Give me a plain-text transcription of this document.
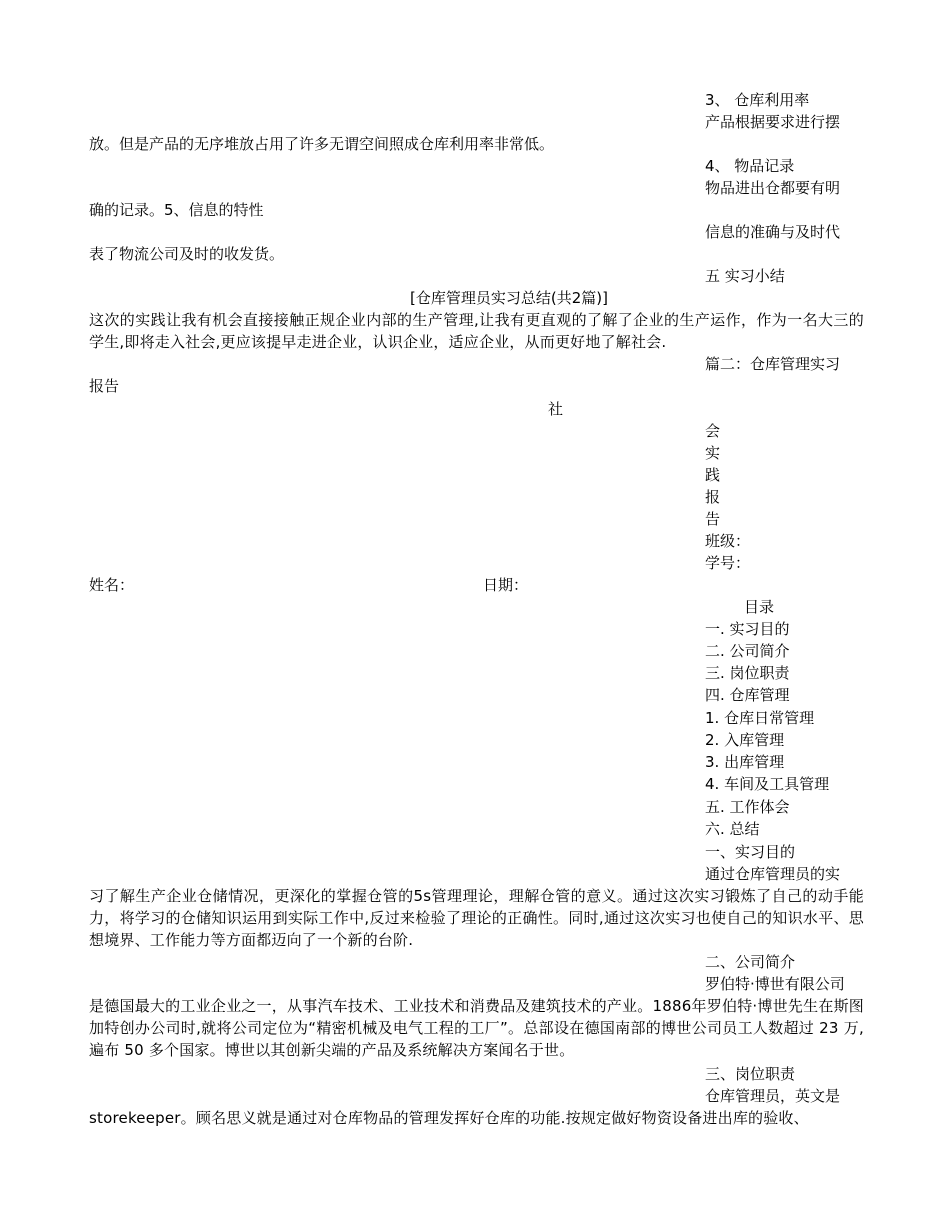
3、 仓库利用率
产品根据要求进行摆
放。但是产品的无序堆放占用了许多无谓空间照成仓库利用率非常低。
4、 物品记录
物品进出仓都要有明
确的记录。5、信息的特性
信息的准确与及时代
表了物流公司及时的收发货。
五 实习小结
[仓库管理员实习总结(共2篇)]
这次的实践让我有机会直接接触正规企业内部的生产管理,让我有更直观的了解了企业的生产运作，作为一名大三的学生,即将走入社会,更应该提早走进企业，认识企业，适应企业，从而更好地了解社会.
篇二：仓库管理实习
报告
社
会
实
践
报
告
班级：
学号：
姓名：	日期：
目录
一. 实习目的
二. 公司简介
三. 岗位职责
四. 仓库管理
1. 仓库日常管理
2. 入库管理
3. 出库管理
4. 车间及工具管理
五. 工作体会
六. 总结
一、实习目的
通过仓库管理员的实
习了解生产企业仓储情况，更深化的掌握仓管的5s管理理论，理解仓管的意义。通过这次实习锻炼了自己的动手能力，将学习的仓储知识运用到实际工作中,反过来检验了理论的正确性。同时,通过这次实习也使自己的知识水平、思想境界、工作能力等方面都迈向了一个新的台阶.
二、公司简介
罗伯特·博世有限公司
是德国最大的工业企业之一，从事汽车技术、工业技术和消费品及建筑技术的产业。1886年罗伯特·博世先生在斯图加特创办公司时,就将公司定位为“精密机械及电气工程的工厂”。总部设在德国南部的博世公司员工人数超过 23 万,遍布 50 多个国家。博世以其创新尖端的产品及系统解决方案闻名于世。
三、岗位职责
仓库管理员，英文是
storekeeper。顾名思义就是通过对仓库物品的管理发挥好仓库的功能.按规定做好物资设备进出库的验收、
